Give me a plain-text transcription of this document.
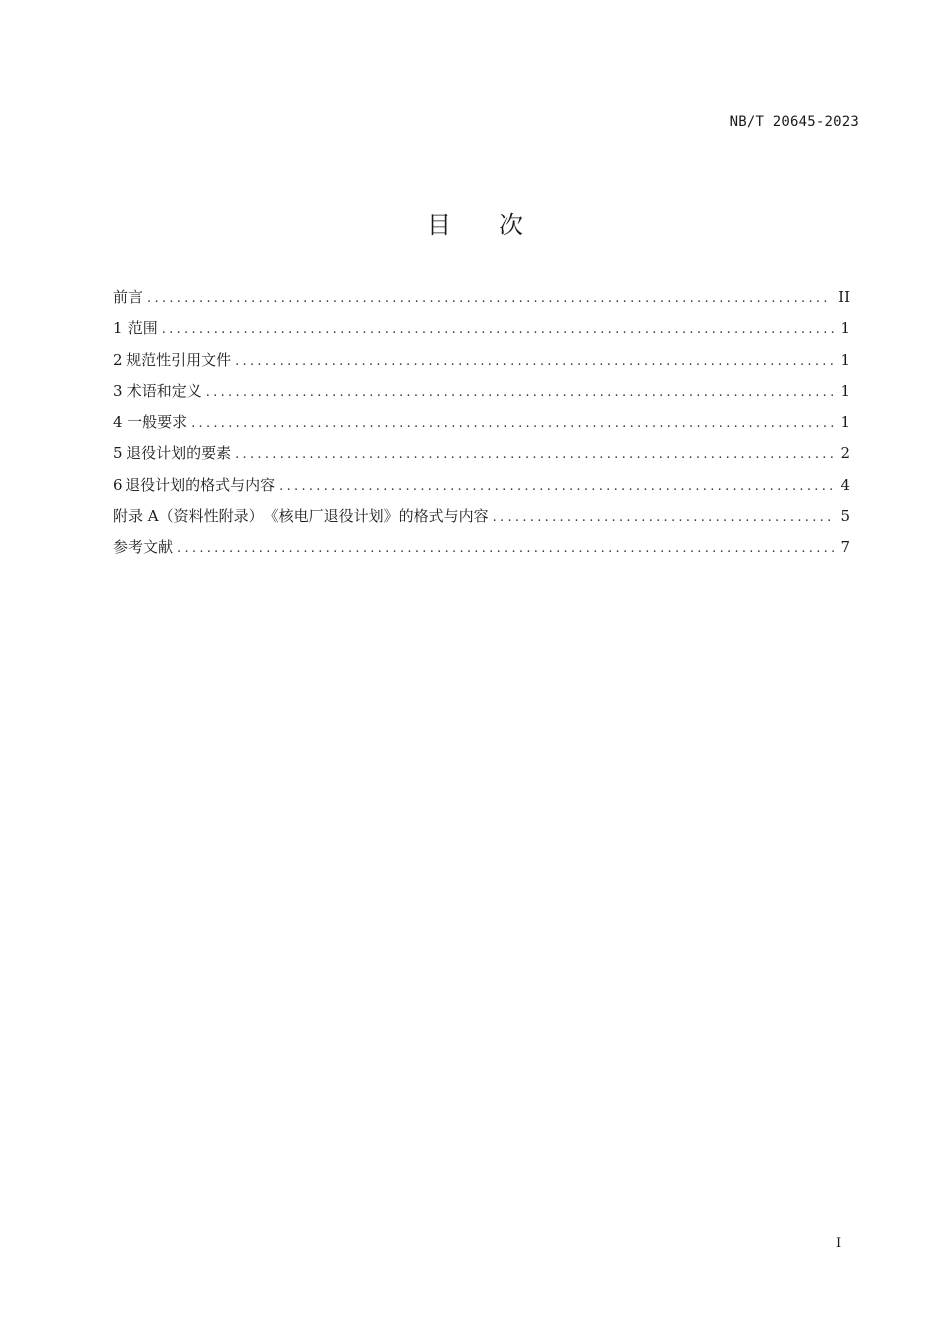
NB/T 20645-2023
目 次
前言 .....	II
1 范围 .....	1
2 规范性引用文件 .....	1
3 术语和定义 .....	1
4 一般要求 .....	1
5 退役计划的要素 .....	2
6 退役计划的格式与内容 .....	4
附录 A（资料性附录）　《核电厂退役计划》的格式与内容 .....	5
参考文献 .....	7
I
